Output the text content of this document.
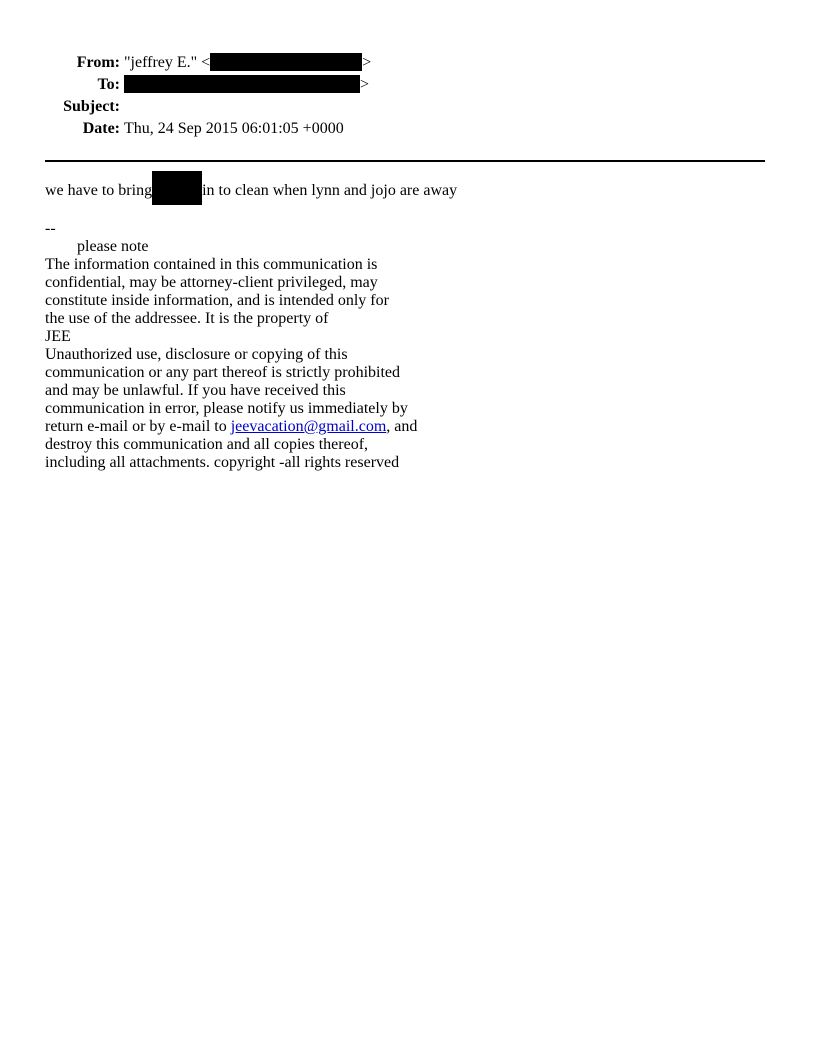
From: "jeffrey E." <	>
To:	>
Subject:
Date: Thu, 24 Sep 2015 06:01:05 +0000
we have to bring	in to clean when lynn and jojo are away
--
please note
The information contained in this communication is
confidential, may be attorney-client privileged, may
constitute inside information, and is intended only for
the use of the addressee. It is the property of
JEE
Unauthorized use, disclosure or copying of this
communication or any part thereof is strictly prohibited
and may be unlawful. If you have received this
communication in error, please notify us immediately by
return e-mail or by e-mail to jeevacation@gmail.com, and
destroy this communication and all copies thereof,
including all attachments. copyright -all rights reserved
